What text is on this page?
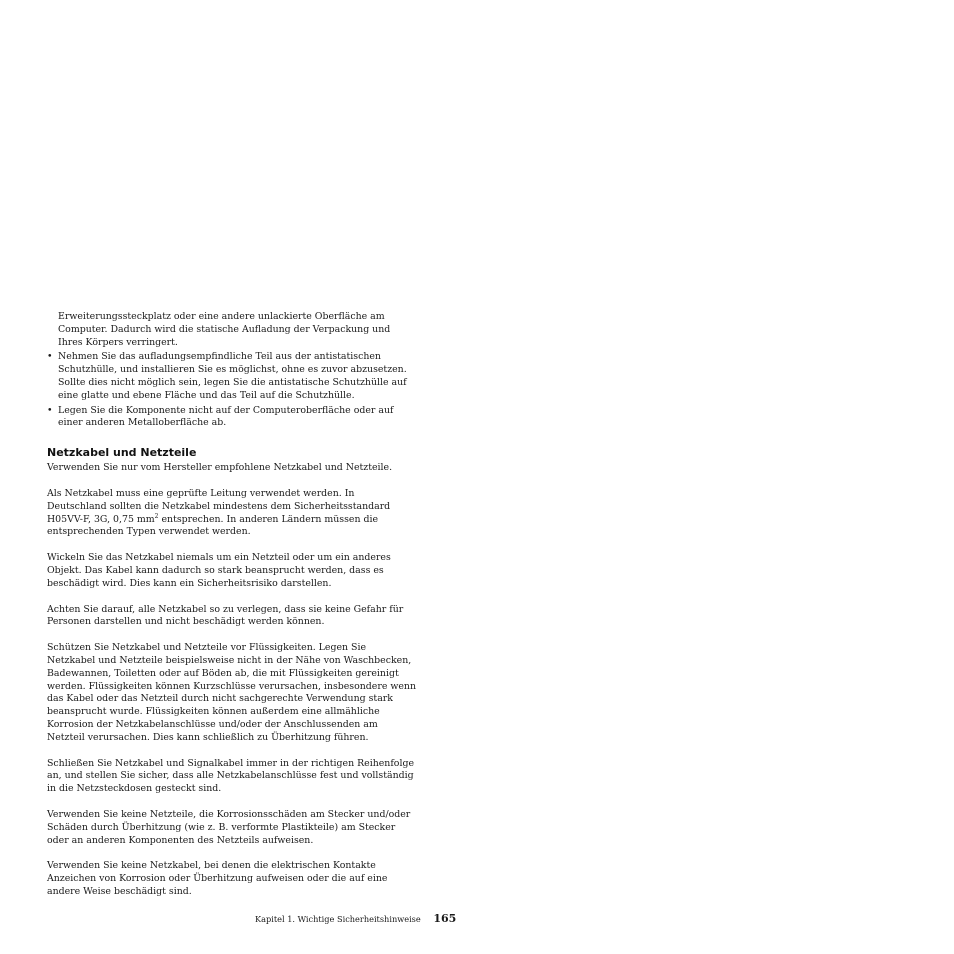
Erweiterungssteckplatz oder eine andere unlackierte Oberfläche am Computer. Dadurch wird die statische Aufladung der Verpackung und Ihres Körpers verringert.

• Nehmen Sie das aufladungsempfindliche Teil aus der antistatischen Schutzhülle, und installieren Sie es möglichst, ohne es zuvor abzusetzen. Sollte dies nicht möglich sein, legen Sie die antistatische Schutzhülle auf eine glatte und ebene Fläche und das Teil auf die Schutzhülle.
• Legen Sie die Komponente nicht auf der Computeroberfläche oder auf einer anderen Metalloberfläche ab.
Netzkabel und Netzteile

Verwenden Sie nur vom Hersteller empfohlene Netzkabel und Netzteile.

Als Netzkabel muss eine geprüfte Leitung verwendet werden. In Deutschland sollten die Netzkabel mindestens dem Sicherheitsstandard H05VV-F, 3G, 0,75 $mm^2$ entsprechen. In anderen Ländern müssen die entsprechenden Typen verwendet werden.

Wickeln Sie das Netzkabel niemals um ein Netzteil oder um ein anderes Objekt. Das Kabel kann dadurch so stark beansprucht werden, dass es beschädigt wird. Dies kann ein Sicherheitsrisiko darstellen.

Achten Sie darauf, alle Netzkabel so zu verlegen, dass sie keine Gefahr für Personen darstellen und nicht beschädigt werden können.

Schützen Sie Netzkabel und Netzteile vor Flüssigkeiten. Legen Sie Netzkabel und Netzteile beispielsweise nicht in der Nähe von Waschbecken, Badewannen, Toiletten oder auf Böden ab, die mit Flüssigkeiten gereinigt werden. Flüssigkeiten können Kurzschlüsse verursachen, insbesondere wenn das Kabel oder das Netzteil durch nicht sachgerechte Verwendung stark beansprucht wurde. Flüssigkeiten können außerdem eine allmähliche Korrosion der Netzkabelanschlüsse und/oder der Anschlussenden am Netzteil verursachen. Dies kann schließlich zu Überhitzung führen.

Schließen Sie Netzkabel und Signalkabel immer in der richtigen Reihenfolge an, und stellen Sie sicher, dass alle Netzkabelanschlüsse fest und vollständig in die Netzsteckdosen gesteckt sind.

Verwenden Sie keine Netzteile, die Korrosionsschäden am Stecker und/oder Schäden durch Überhitzung (wie z. B. verformte Plastikteile) am Stecker oder an anderen Komponenten des Netzteils aufweisen.

Verwenden Sie keine Netzkabel, bei denen die elektrischen Kontakte Anzeichen von Korrosion oder Überhitzung aufweisen oder die auf eine andere Weise beschädigt sind.

Kapitel 1. Wichtige Sicherheitshinweise 165
